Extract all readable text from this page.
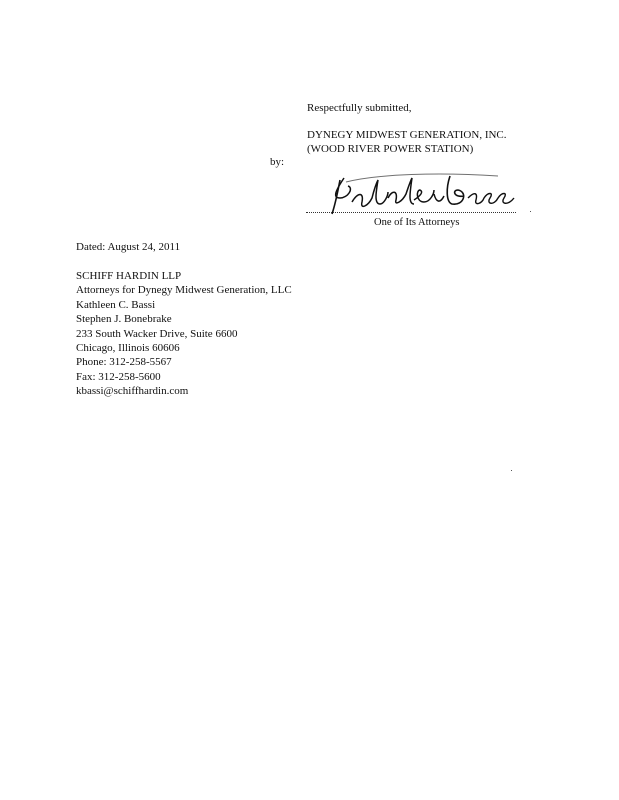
Respectfully submitted,
DYNEGY MIDWEST GENERATION, INC.
(WOOD RIVER POWER STATION)
by:
One of Its Attorneys
Dated: August 24, 2011
SCHIFF HARDIN LLP
Attorneys for Dynegy Midwest Generation, LLC
Kathleen C. Bassi
Stephen J. Bonebrake
233 South Wacker Drive, Suite 6600
Chicago, Illinois 60606
Phone: 312-258-5567
Fax: 312-258-5600
kbassi@schiffhardin.com
